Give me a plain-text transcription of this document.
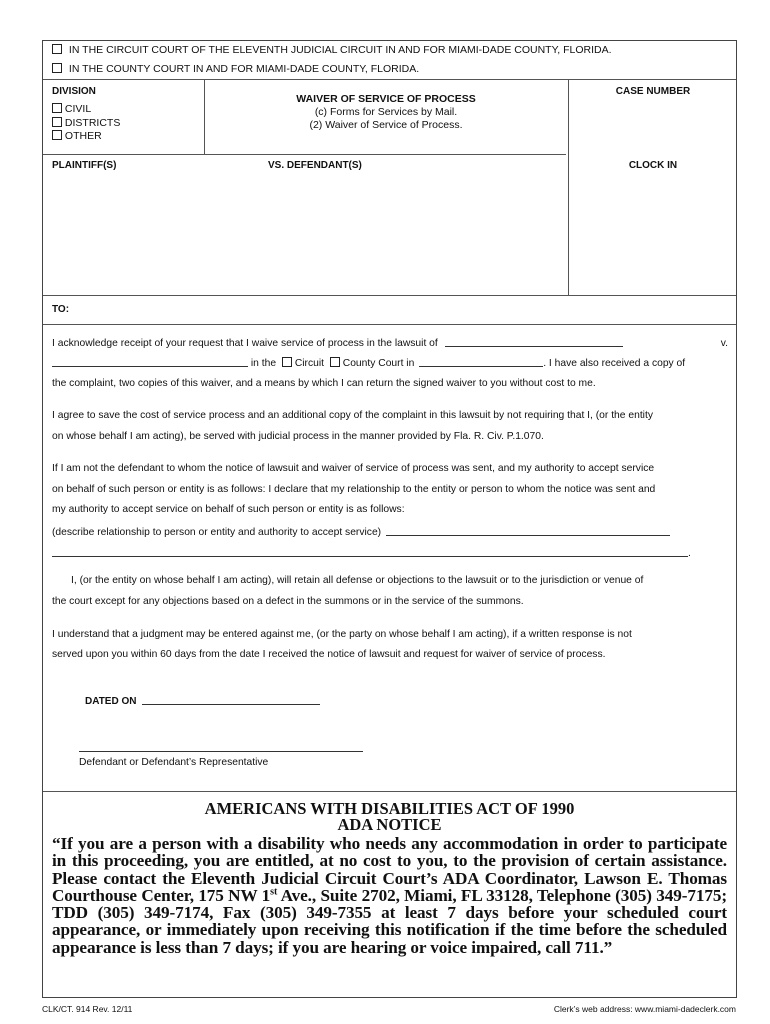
IN THE CIRCUIT COURT OF THE ELEVENTH JUDICIAL CIRCUIT IN AND FOR MIAMI-DADE COUNTY, FLORIDA.
IN THE COUNTY COURT IN AND FOR MIAMI-DADE COUNTY, FLORIDA.
DIVISION
CIVIL
DISTRICTS
OTHER
WAIVER OF SERVICE OF PROCESS
(c) Forms for Services by Mail.
(2) Waiver of Service of Process.
CASE NUMBER
PLAINTIFF(S)	VS. DEFENDANT(S)	CLOCK IN
TO:
I acknowledge receipt of your request that I waive service of process in the lawsuit of	v.
in the Circuit County Court in	. I have also received a copy of
the complaint, two copies of this waiver, and a means by which I can return the signed waiver to you without cost to me.
I agree to save the cost of service process and an additional copy of the complaint in this lawsuit by not requiring that I, (or the entity
on whose behalf I am acting), be served with judicial process in the manner provided by Fla. R. Civ. P.1.070.
If I am not the defendant to whom the notice of lawsuit and waiver of service of process was sent, and my authority to accept service
on behalf of such person or entity is as follows: I declare that my relationship to the entity or person to whom the notice was sent and
my authority to accept service on behalf of such person or entity is as follows:
(describe relationship to person or entity and authority to accept service)
.
I, (or the entity on whose behalf I am acting), will retain all defense or objections to the lawsuit or to the jurisdiction or venue of
the court except for any objections based on a defect in the summons or in the service of the summons.
I understand that a judgment may be entered against me, (or the party on whose behalf I am acting), if a written response is not
served upon you within 60 days from the date I received the notice of lawsuit and request for waiver of service of process.
DATED ON
Defendant or Defendant’s Representative
AMERICANS WITH DISABILITIES ACT OF 1990
ADA NOTICE
“If you are a person with a disability who needs any accommodation in order to participate in this proceeding, you are entitled, at no cost to you, to the provision of certain assistance. Please contact the Eleventh Judicial Circuit Court’s ADA Coordinator, Lawson E. Thomas Courthouse Center, 175 NW 1st Ave., Suite 2702, Miami, FL 33128, Telephone (305) 349-7175; TDD (305) 349-7174, Fax (305) 349-7355 at least 7 days before your scheduled court appearance, or immediately upon receiving this notification if the time before the scheduled appearance is less than 7 days; if you are hearing or voice impaired, call 711.”
CLK/CT. 914 Rev. 12/11	Clerk’s web address: www.miami-dadeclerk.com
